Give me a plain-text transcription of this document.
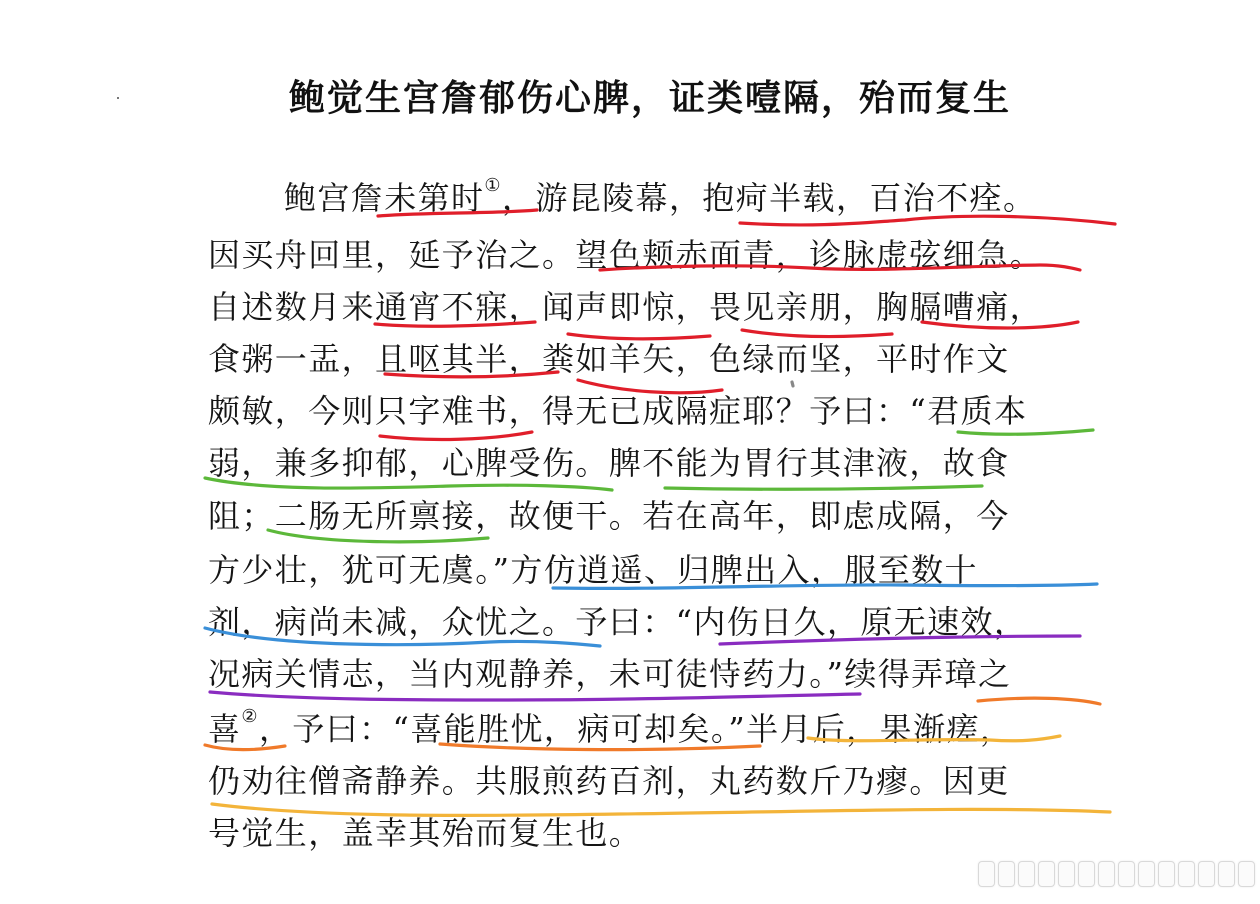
鲍觉生宫詹郁伤心脾，证类噎隔，殆而复生
鲍宫詹未第时①，游昆陵幕，抱疴半载，百治不痊。
因买舟回里，延予治之。望色颊赤面青，诊脉虚弦细急。
自述数月来通宵不寐，闻声即惊，畏见亲朋，胸膈嘈痛，
食粥一盂，且呕其半，粪如羊矢，色绿而坚，平时作文
颇敏，今则只字难书，得无已成隔症耶？予曰：“君质本
弱，兼多抑郁，心脾受伤。脾不能为胃行其津液，故食
阻；二肠无所禀接，故便干。若在高年，即虑成隔，今
方少壮，犹可无虞。”方仿逍遥、归脾出入，服至数十
剂，病尚未减，众忧之。予曰：“内伤日久，原无速效，
况病关情志，当内观静养，未可徒恃药力。”续得弄璋之
喜②，予曰：“喜能胜忧，病可却矣。”半月后，果渐瘥，
仍劝往僧斋静养。共服煎药百剂，丸药数斤乃瘳。因更
号觉生，盖幸其殆而复生也。
